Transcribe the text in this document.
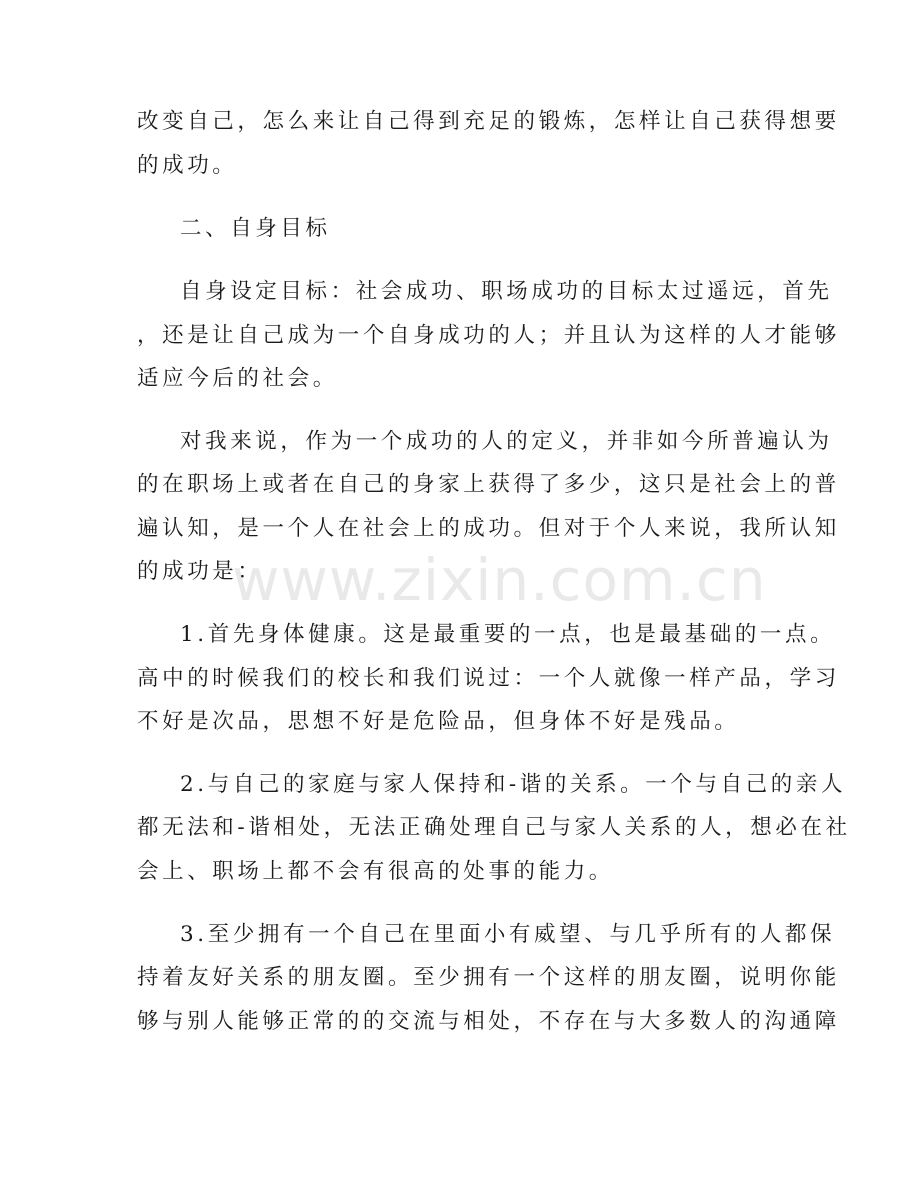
改变自己，怎么来让自己得到充足的锻炼，怎样让自己获得想要
的成功。
二、自身目标
自身设定目标：社会成功、职场成功的目标太过遥远，首先
，还是让自己成为一个自身成功的人；并且认为这样的人才能够
适应今后的社会。
对我来说，作为一个成功的人的定义，并非如今所普遍认为
的在职场上或者在自己的身家上获得了多少，这只是社会上的普
遍认知，是一个人在社会上的成功。但对于个人来说，我所认知
的成功是：
1.首先身体健康。这是最重要的一点，也是最基础的一点。
高中的时候我们的校长和我们说过：一个人就像一样产品，学习
不好是次品，思想不好是危险品，但身体不好是残品。
2.与自己的家庭与家人保持和-谐的关系。一个与自己的亲人
都无法和-谐相处，无法正确处理自己与家人关系的人，想必在社
会上、职场上都不会有很高的处事的能力。
3.至少拥有一个自己在里面小有威望、与几乎所有的人都保
持着友好关系的朋友圈。至少拥有一个这样的朋友圈，说明你能
够与别人能够正常的的交流与相处，不存在与大多数人的沟通障
www.zixin.com.cn
